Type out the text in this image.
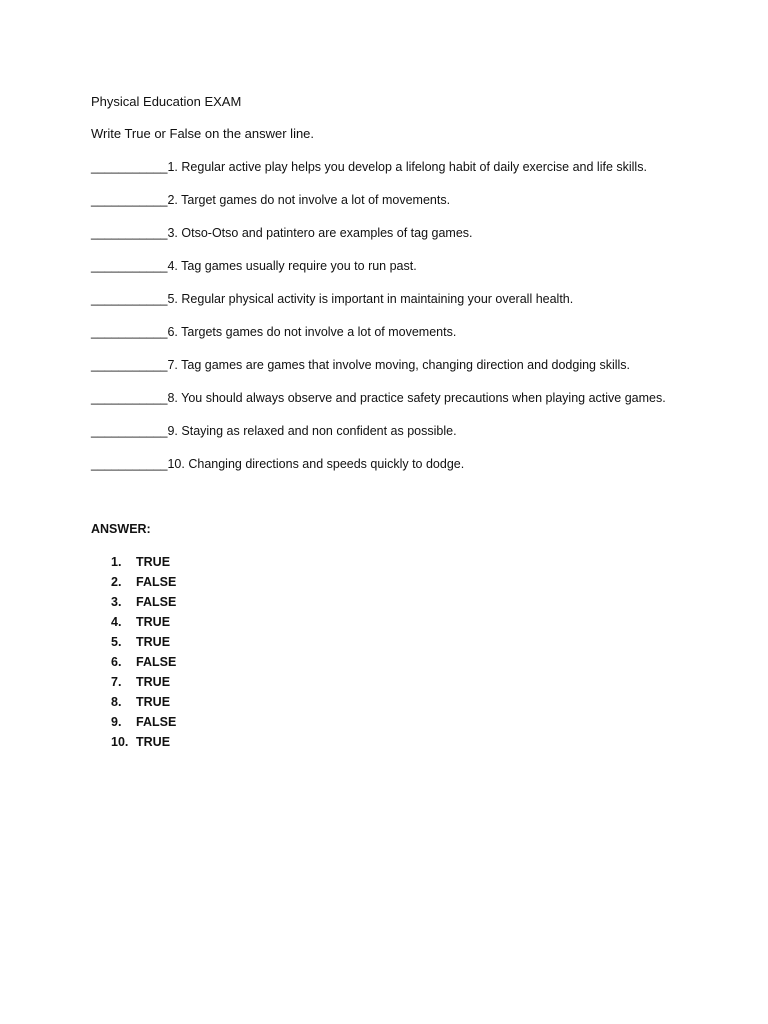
Physical Education EXAM
Write True or False on the answer line.
___________1. Regular active play helps you develop a lifelong habit of daily exercise and life skills.
___________2. Target games do not involve a lot of movements.
___________3. Otso-Otso and patintero are examples of tag games.
___________4. Tag games usually require you to run past.
___________5. Regular physical activity is important in maintaining your overall health.
___________6. Targets games do not involve a lot of movements.
___________7. Tag games are games that involve moving, changing direction and dodging skills.
___________8. You should always observe and practice safety precautions when playing active games.
___________9. Staying as relaxed and non confident as possible.
___________10. Changing directions and speeds quickly to dodge.
ANSWER:
1. TRUE
2. FALSE
3. FALSE
4. TRUE
5. TRUE
6. FALSE
7. TRUE
8. TRUE
9. FALSE
10. TRUE
